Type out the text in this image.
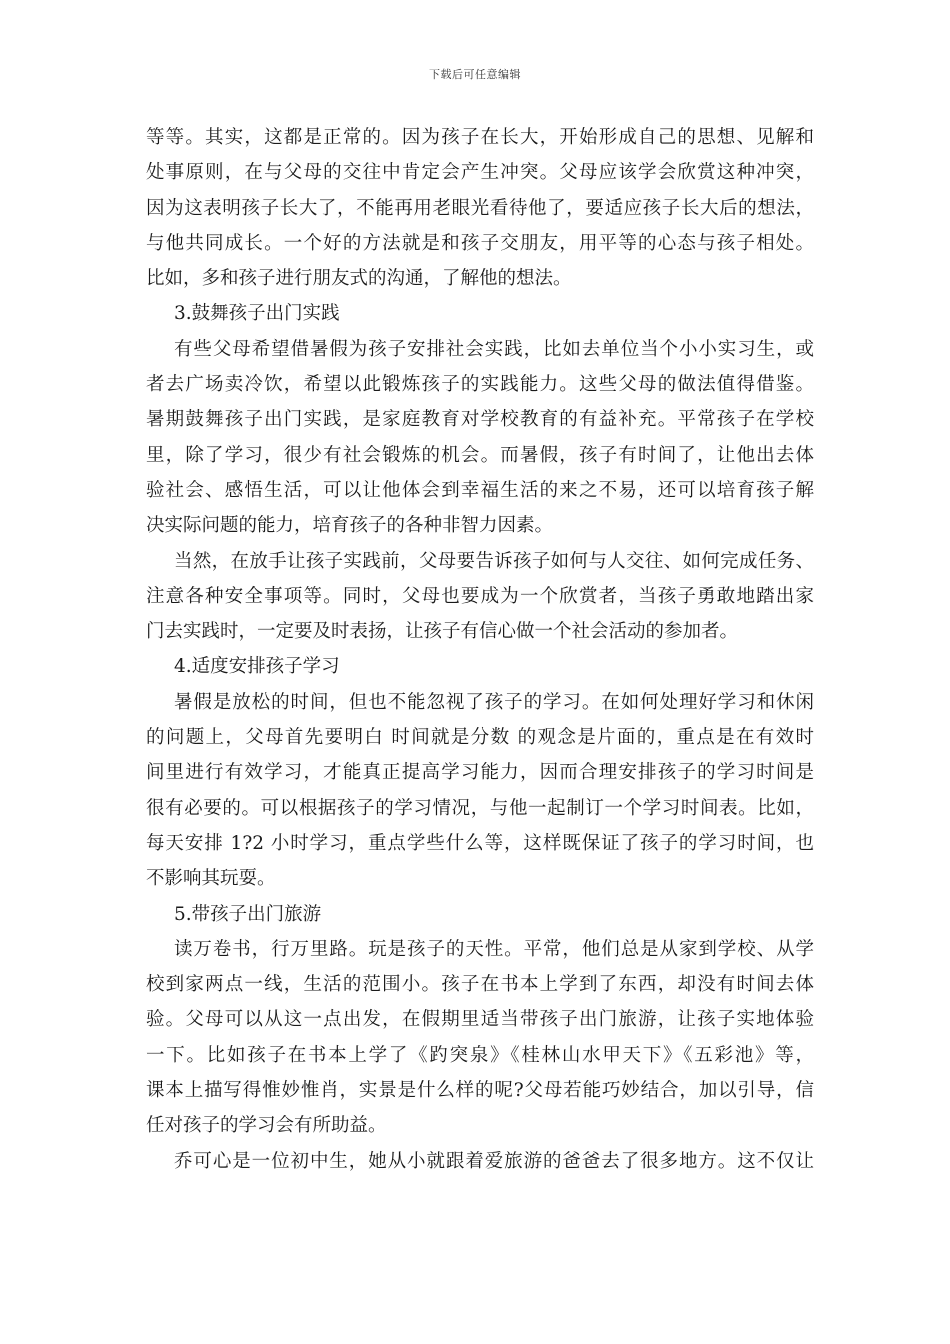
下载后可任意编辑
等等。其实，这都是正常的。因为孩子在长大，开始形成自己的思想、见解和
处事原则，在与父母的交往中肯定会产生冲突。父母应该学会欣赏这种冲突，
因为这表明孩子长大了，不能再用老眼光看待他了，要适应孩子长大后的想法，
与他共同成长。一个好的方法就是和孩子交朋友，用平等的心态与孩子相处。
比如，多和孩子进行朋友式的沟通，了解他的想法。
3.鼓舞孩子出门实践
有些父母希望借暑假为孩子安排社会实践，比如去单位当个小小实习生，或
者去广场卖冷饮，希望以此锻炼孩子的实践能力。这些父母的做法值得借鉴。
暑期鼓舞孩子出门实践，是家庭教育对学校教育的有益补充。平常孩子在学校
里，除了学习，很少有社会锻炼的机会。而暑假，孩子有时间了，让他出去体
验社会、感悟生活，可以让他体会到幸福生活的来之不易，还可以培育孩子解
决实际问题的能力，培育孩子的各种非智力因素。
当然，在放手让孩子实践前，父母要告诉孩子如何与人交往、如何完成任务、
注意各种安全事项等。同时，父母也要成为一个欣赏者，当孩子勇敢地踏出家
门去实践时，一定要及时表扬，让孩子有信心做一个社会活动的参加者。
4.适度安排孩子学习
暑假是放松的时间，但也不能忽视了孩子的学习。在如何处理好学习和休闲
的问题上，父母首先要明白 时间就是分数 的观念是片面的，重点是在有效时
间里进行有效学习，才能真正提高学习能力，因而合理安排孩子的学习时间是
很有必要的。可以根据孩子的学习情况，与他一起制订一个学习时间表。比如，
每天安排 1?2 小时学习，重点学些什么等，这样既保证了孩子的学习时间，也
不影响其玩耍。
5.带孩子出门旅游
读万卷书，行万里路。玩是孩子的天性。平常，他们总是从家到学校、从学
校到家两点一线，生活的范围小。孩子在书本上学到了东西，却没有时间去体
验。父母可以从这一点出发，在假期里适当带孩子出门旅游，让孩子实地体验
一下。比如孩子在书本上学了《趵突泉》《桂林山水甲天下》《五彩池》等，
课本上描写得惟妙惟肖，实景是什么样的呢?父母若能巧妙结合，加以引导，信
任对孩子的学习会有所助益。
乔可心是一位初中生，她从小就跟着爱旅游的爸爸去了很多地方。这不仅让
